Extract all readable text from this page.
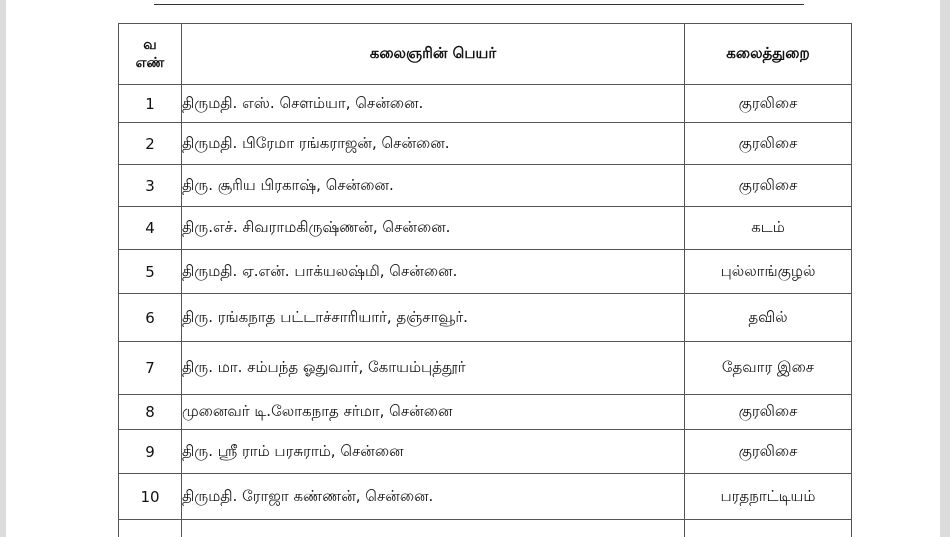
வ
எண்	கலைஞரின் பெயர்	கலைத்துறை
1	திருமதி. எஸ். சௌம்யா, சென்னை.	குரலிசை
2	திருமதி. பிரேமா ரங்கராஜன், சென்னை.	குரலிசை
3	திரு. சூரிய பிரகாஷ், சென்னை.	குரலிசை
4	திரு.எச். சிவராமகிருஷ்ணன், சென்னை.	கடம்
5	திருமதி. ஏ.என். பாக்யலஷ்மி, சென்னை.	புல்லாங்குழல்
6	திரு. ரங்கநாத பட்டாச்சாரியார், தஞ்சாவூர்.	தவில்
7	திரு. மா. சம்பந்த ஓதுவார், கோயம்புத்தூர்	தேவார இசை
8	முனைவர் டி.லோகநாத சர்மா, சென்னை	குரலிசை
9	திரு. ஸ்ரீ ராம் பரசுராம், சென்னை	குரலிசை
10	திருமதி. ரோஜா கண்ணன், சென்னை.	பரதநாட்டியம்
